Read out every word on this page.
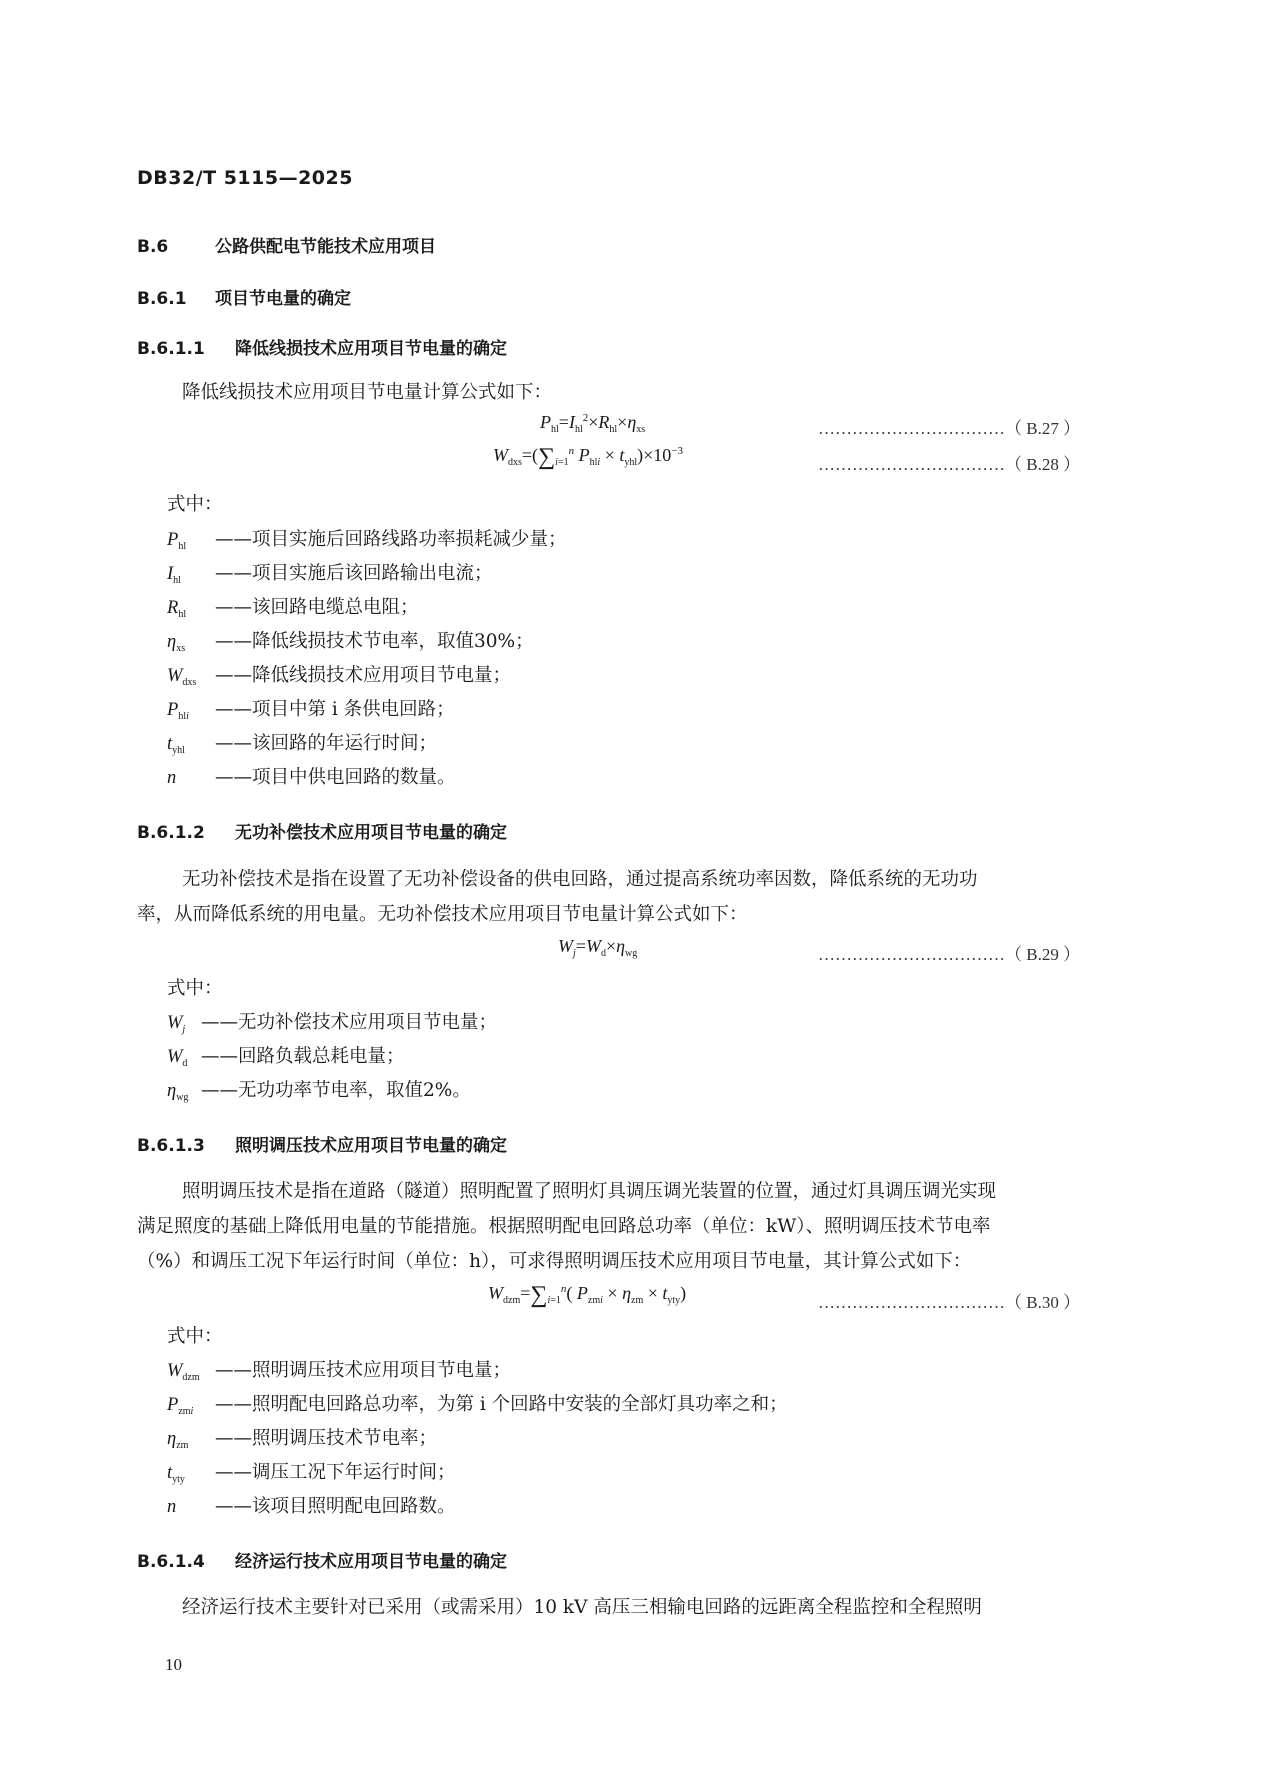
DB32/T 5115—2025
B.6	公路供配电节能技术应用项目
B.6.1 项目节电量的确定
B.6.1.1 降低线损技术应用项目节电量的确定
降低线损技术应用项目节电量计算公式如下：
$P_{hl}=I_{hl}^2\times R_{hl}\times\eta_{xs}$	……………………………（ B.27 ）
$W_{dxs}=(\sum_{i=1}^n$ $P_{hli} \times t_{yhl})\times 10^{-3}$
……………………………（ B.28 ）
式中：
$P_{hl}$ ——项目实施后回路线路功率损耗减少量；
$I_{hl}$ ——项目实施后该回路输出电流；
$R_{hl}$ ——该回路电缆总电阻；
$\eta_{xs}$ ——降低线损技术节电率，取值30%；
$W_{dxs}$ ——降低线损技术应用项目节电量；
$P_{hli}$ ——项目中第 i 条供电回路；
$t_{yhl}$ ——该回路的年运行时间；
n ——项目中供电回路的数量。
B.6.1.2 无功补偿技术应用项目节电量的确定
无功补偿技术是指在设置了无功补偿设备的供电回路，通过提高系统功率因数，降低系统的无功功
率，从而降低系统的用电量。无功补偿技术应用项目节电量计算公式如下：
$W_j=W_d\times\eta_{wg}$	……………………………（ B.29 ）
式中：
$W_j$ ——无功补偿技术应用项目节电量；
$W_d$ ——回路负载总耗电量；
$\eta_{wg}$ ——无功功率节电率，取值2%。
B.6.1.3 照明调压技术应用项目节电量的确定
照明调压技术是指在道路（隧道）照明配置了照明灯具调压调光装置的位置，通过灯具调压调光实现
满足照度的基础上降低用电量的节能措施。根据照明配电回路总功率（单位：kW）、照明调压技术节电率
（%）和调压工况下年运行时间（单位：h），可求得照明调压技术应用项目节电量，其计算公式如下：
$W_{dzm}=\sum_{i=1}^n$( $P_{zmi} \times \eta_{zm} \times t_{yty}$)	……………………………（ B.30 ）
式中：
$W_{dzm}$ ——照明调压技术应用项目节电量；
$P_{zmi}$ ——照明配电回路总功率，为第 i 个回路中安装的全部灯具功率之和；
$\eta_{zm}$ ——照明调压技术节电率；
$t_{yty}$ ——调压工况下年运行时间；
n ——该项目照明配电回路数。
B.6.1.4 经济运行技术应用项目节电量的确定
经济运行技术主要针对已采用（或需采用）10 kV 高压三相输电回路的远距离全程监控和全程照明
10
